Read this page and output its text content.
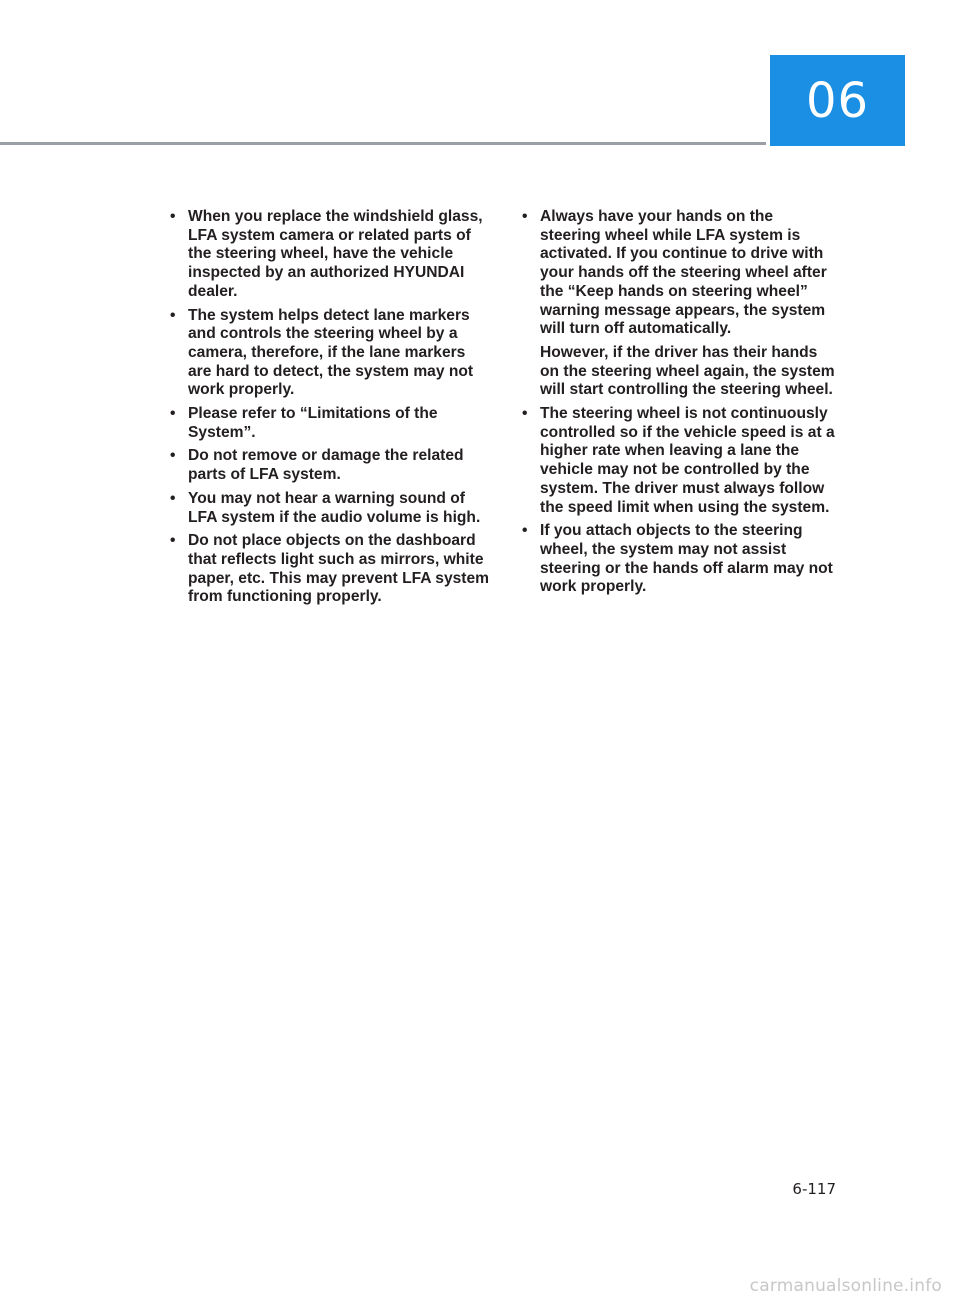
06
• When you replace the windshield glass, LFA system camera or related parts of the steering wheel, have the vehicle inspected by an authorized HYUNDAI dealer.
• The system helps detect lane markers and controls the steering wheel by a camera, therefore, if the lane markers are hard to detect, the system may not work properly.
• Please refer to “Limitations of the System”.
• Do not remove or damage the related parts of LFA system.
• You may not hear a warning sound of LFA system if the audio volume is high.
• Do not place objects on the dashboard that reflects light such as mirrors, white paper, etc. This may prevent LFA system from functioning properly.
• Always have your hands on the steering wheel while LFA system is activated. If you continue to drive with your hands off the steering wheel after the “Keep hands on steering wheel” warning message appears, the system will turn off automatically.
However, if the driver has their hands on the steering wheel again, the system will start controlling the steering wheel.
• The steering wheel is not continuously controlled so if the vehicle speed is at a higher rate when leaving a lane the vehicle may not be controlled by the system. The driver must always follow the speed limit when using the system.
• If you attach objects to the steering wheel, the system may not assist steering or the hands off alarm may not work properly.
6-117
carmanualsonline.info
